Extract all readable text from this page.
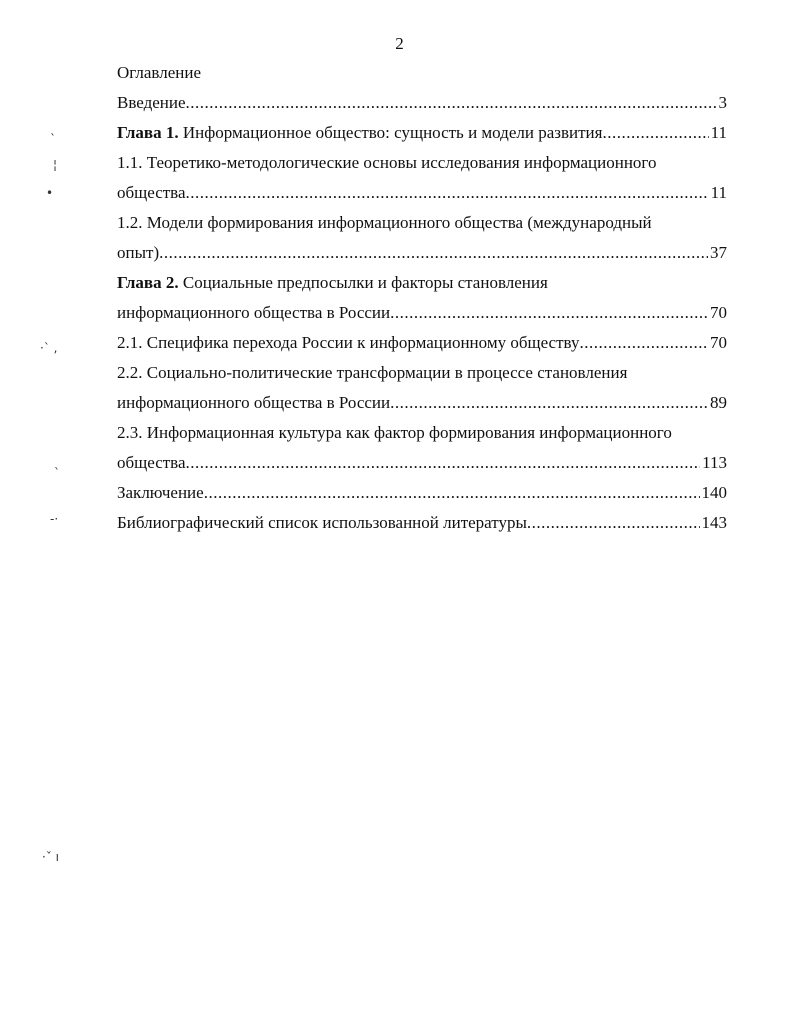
2
Оглавление
Введение .....	3
Глава 1. Информационное общество: сущность и модели развития .....	11
1.1. Теоретико-методологические основы исследования информационного
общества .....	11
1.2. Модели формирования информационного общества (международный
опыт) .....	37
Глава 2. Социальные предпосылки и факторы становления
информационного общества в России .....	70
2.1. Специфика перехода России к информационному обществу .....	70
2.2. Социально-политические трансформации в процессе становления
информационного общества в России .....	89
2.3. Информационная культура как фактор формирования информационного
общества .....	113
Заключение .....	140
Библиографический список использованной литературы .....	143
ˋ
¦
•
·ˋ ,
ˋ
-·
·ˇ ı
